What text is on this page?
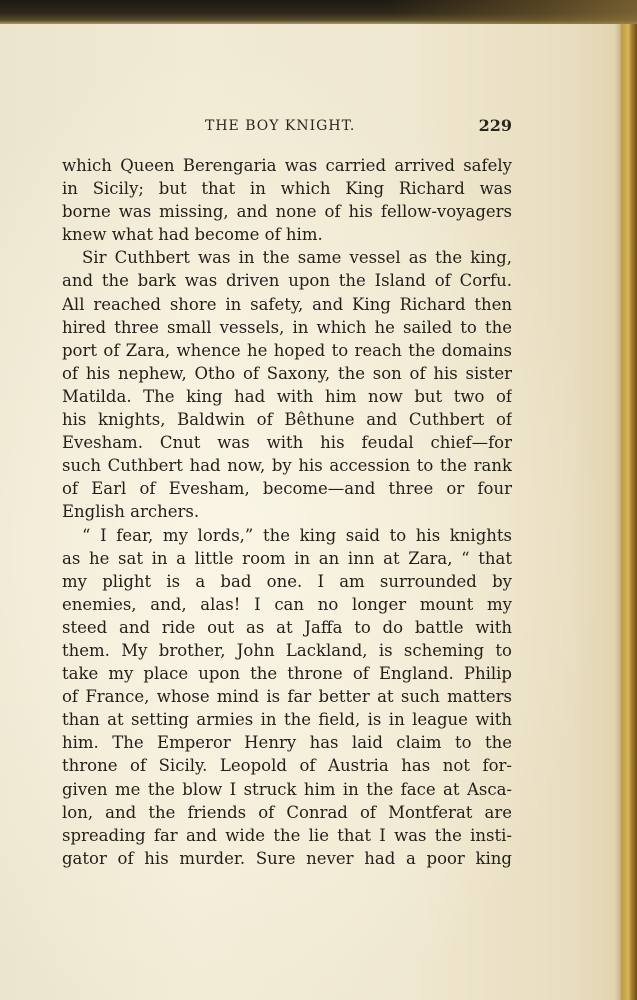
THE BOY KNIGHT.	229
which Queen Berengaria was carried arrived safely
in Sicily; but that in which King Richard was
borne was missing, and none of his fellow-voyagers
knew what had become of him.
Sir Cuthbert was in the same vessel as the king,
and the bark was driven upon the Island of Corfu.
All reached shore in safety, and King Richard then
hired three small vessels, in which he sailed to the
port of Zara, whence he hoped to reach the domains
of his nephew, Otho of Saxony, the son of his sister
Matilda. The king had with him now but two of
his knights, Baldwin of Bêthune and Cuthbert of
Evesham. Cnut was with his feudal chief—for
such Cuthbert had now, by his accession to the rank
of Earl of Evesham, become—and three or four
English archers.
“ I fear, my lords,” the king said to his knights
as he sat in a little room in an inn at Zara, “ that
my plight is a bad one. I am surrounded by
enemies, and, alas! I can no longer mount my
steed and ride out as at Jaffa to do battle with
them. My brother, John Lackland, is scheming to
take my place upon the throne of England. Philip
of France, whose mind is far better at such matters
than at setting armies in the field, is in league with
him. The Emperor Henry has laid claim to the
throne of Sicily. Leopold of Austria has not for-
given me the blow I struck him in the face at Asca-
lon, and the friends of Conrad of Montferat are
spreading far and wide the lie that I was the insti-
gator of his murder. Sure never had a poor king
